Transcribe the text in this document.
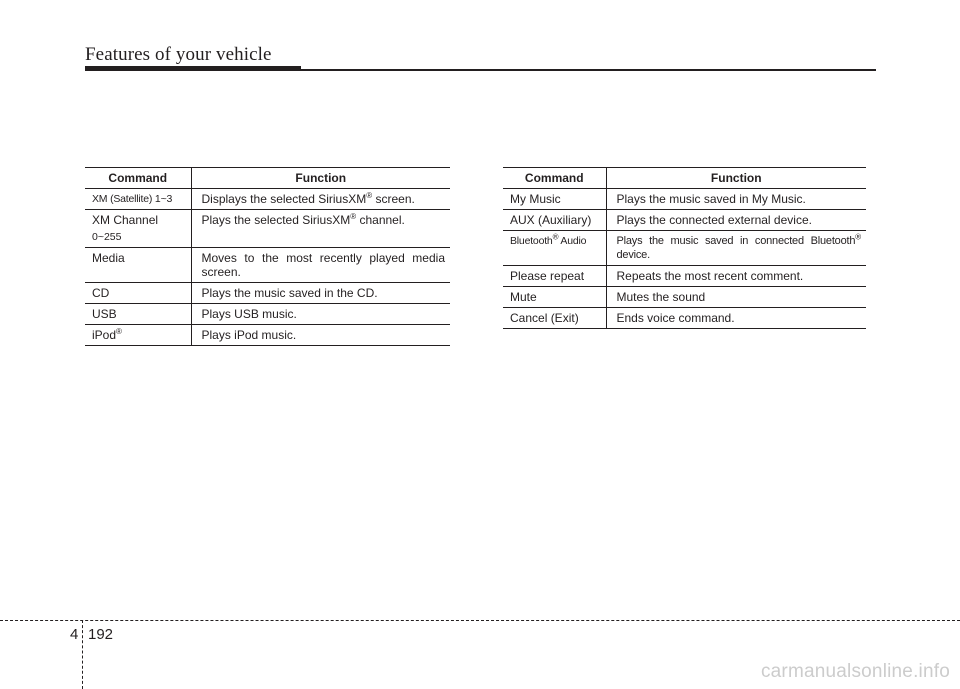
Features of your vehicle
Command	Function
XM (Satellite) 1~3	Displays the selected SiriusXM® screen.
XM Channel
0~255	Plays the selected SiriusXM® channel.
Media	Moves to the most recently played media screen.
CD	Plays the music saved in the CD.
USB	Plays USB music.
iPod®	Plays iPod music.
Command	Function
My Music	Plays the music saved in My Music.
AUX (Auxiliary)	Plays the connected external device.
Bluetooth® Audio	Plays the music saved in connected Bluetooth® device.
Please repeat	Repeats the most recent comment.
Mute	Mutes the sound
Cancel (Exit)	Ends voice command.
4 192
carmanualsonline.info
